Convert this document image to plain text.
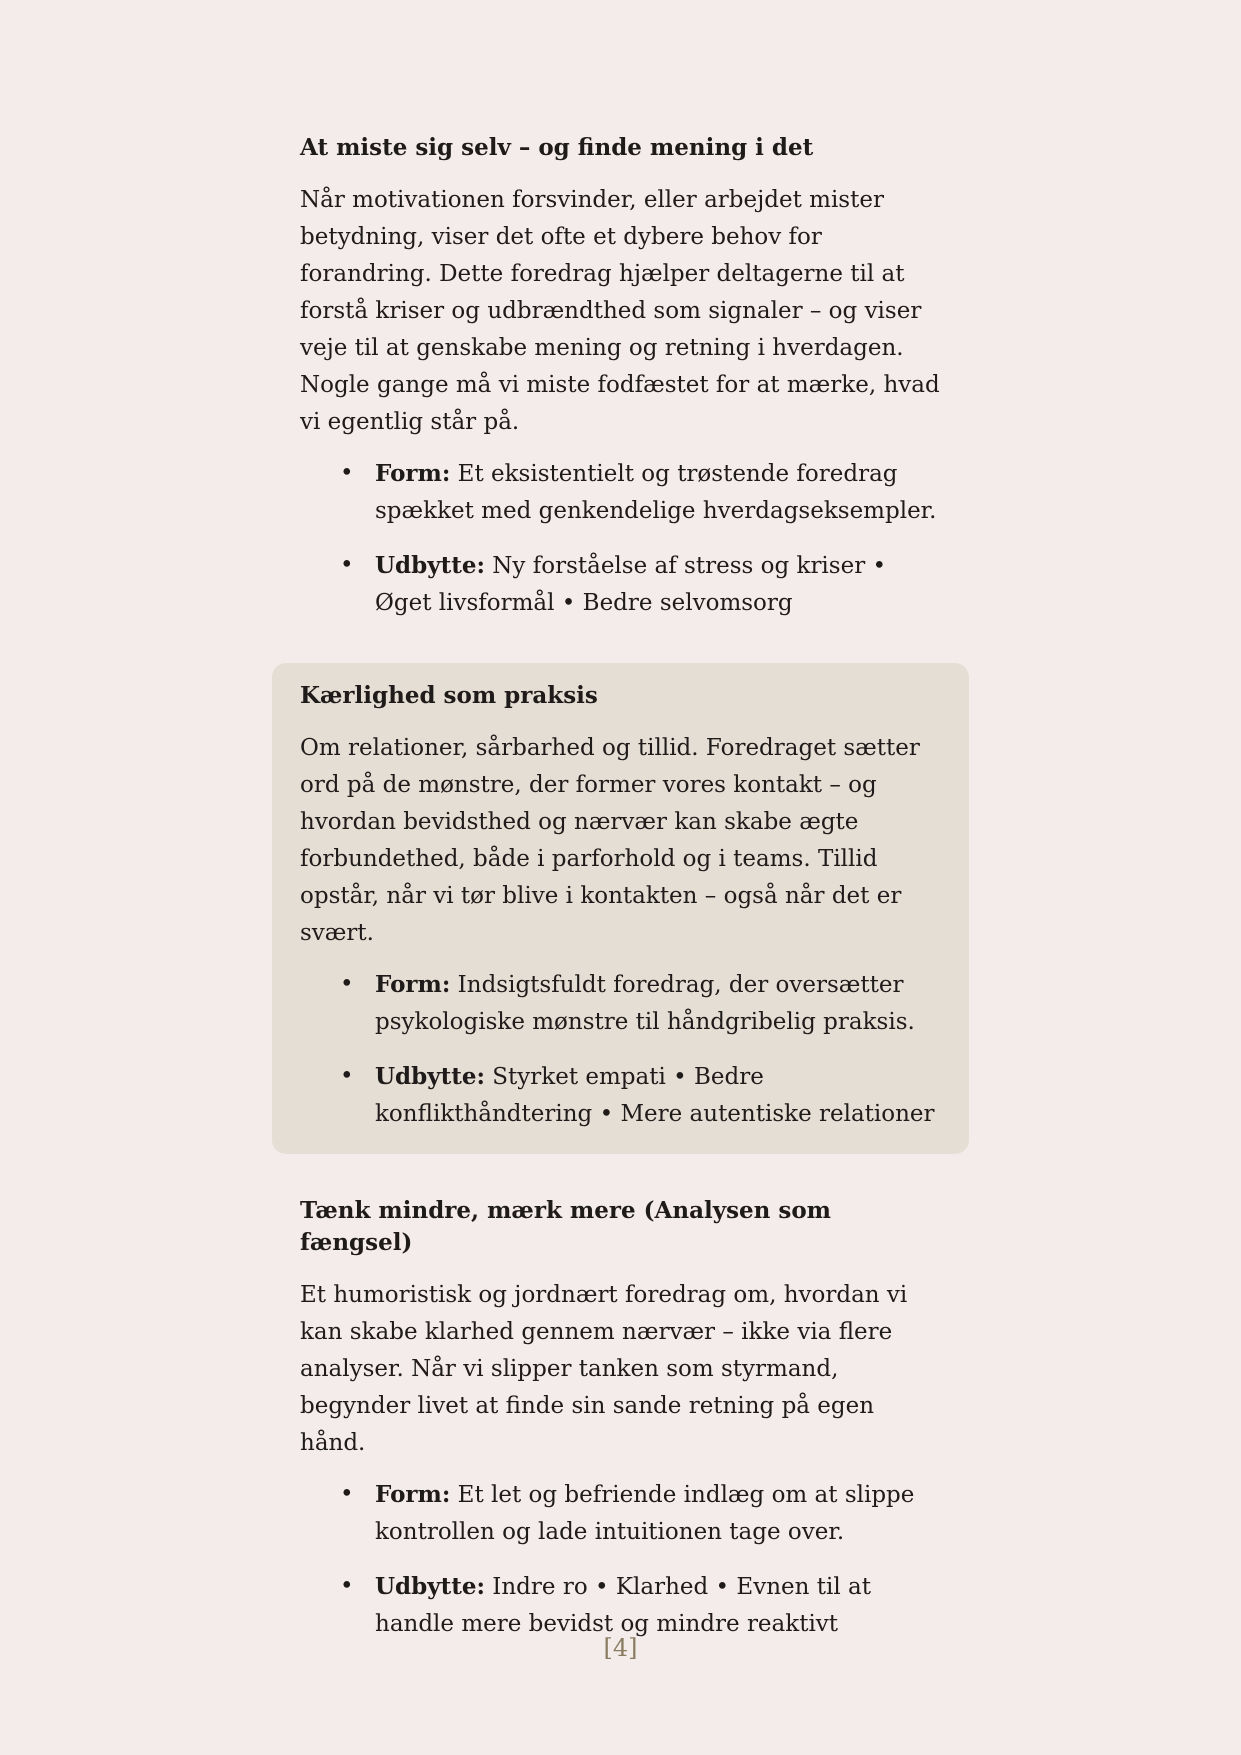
At miste sig selv – og finde mening i det

Når motivationen forsvinder, eller arbejdet mister betydning, viser det ofte et dybere behov for forandring. Dette foredrag hjælper deltagerne til at forstå kriser og udbrændthed som signaler – og viser veje til at genskabe mening og retning i hverdagen. Nogle gange må vi miste fodfæstet for at mærke, hvad vi egentlig står på.

• Form: Et eksistentielt og trøstende foredrag spækket med genkendelige hverdagseksempler.
• Udbytte: Ny forståelse af stress og kriser • Øget livsformål • Bedre selvomsorg
Kærlighed som praksis

Om relationer, sårbarhed og tillid. Foredraget sætter ord på de mønstre, der former vores kontakt – og hvordan bevidsthed og nærvær kan skabe ægte forbundethed, både i parforhold og i teams. Tillid opstår, når vi tør blive i kontakten – også når det er svært.

• Form: Indsigtsfuldt foredrag, der oversætter psykologiske mønstre til håndgribelig praksis.
• Udbytte: Styrket empati • Bedre konflikthåndtering • Mere autentiske relationer
Tænk mindre, mærk mere (Analysen som fængsel)

Et humoristisk og jordnært foredrag om, hvordan vi kan skabe klarhed gennem nærvær – ikke via flere analyser. Når vi slipper tanken som styrmand, begynder livet at finde sin sande retning på egen hånd.

• Form: Et let og befriende indlæg om at slippe kontrollen og lade intuitionen tage over.
• Udbytte: Indre ro • Klarhed • Evnen til at handle mere bevidst og mindre reaktivt
[4]
